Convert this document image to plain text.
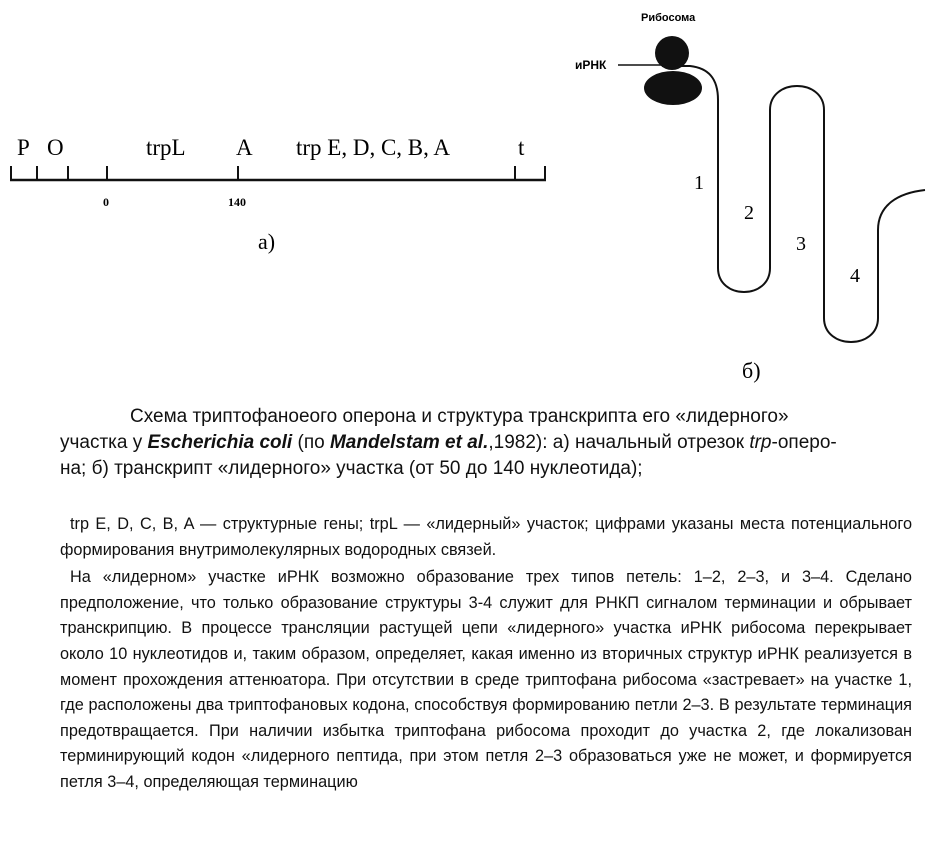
P O	trpL A trp E, D, C, B, A	t
0	140
а)
Рибосома
иРНК
1
2
3
4
б)
Схема триптофаноеого оперона и структура транскрипта его «лидерного»
участка у Escherichia coli (по Mandelstam et al.,1982): а) начальный отрезок trp-опеpо-
на; б) транскрипт «лидерного» участка (от 50 до 140 нуклеотида);

trp E, D, C, B, A — структурные гены; trpL — «лидерный» участок; цифрами указаны места потенциального формирования внутримолекулярных водородных связей.

На «лидерном» участке иРНК возможно образование трех типов петель: 1–2, 2–3, и 3–4. Сделано предположение, что только образование структуры 3-4 служит для РНКП сигналом терминации и обрывает транскрипцию. В процессе трансляции растущей цепи «лидерного» участка иРНК рибосома перекрывает около 10 нуклеотидов и, таким образом, определяет, какая именно из вторичных структур иРНК реализуется в момент прохождения аттенюатора. При отсутствии в среде триптофана рибосома «застревает» на участке 1, где расположены два триптофановых кодона, способствуя формированию петли 2–3. В результате терминация предотвращается. При наличии избытка триптофана рибосома проходит до участка 2, где локализован терминирующий кодон «лидерного пептида, при этом петля 2–3 образоваться уже не может, и формируется петля 3–4, определяющая терминацию
